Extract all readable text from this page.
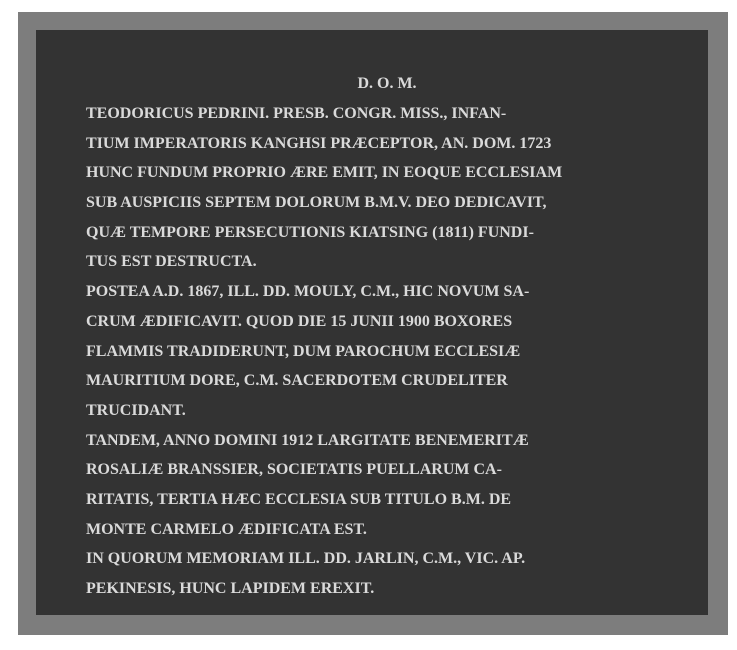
D. O. M.

TEODORICUS PEDRINI. PRESB. CONGR. MISS., INFAN-

TIUM IMPERATORIS KANGHSI PRÆCEPTOR, AN. DOM. 1723

HUNC FUNDUM PROPRIO ÆRE EMIT, IN EOQUE ECCLESIAM

SUB AUSPICIIS SEPTEM DOLORUM B.M.V. DEO DEDICAVIT,

QUÆ TEMPORE PERSECUTIONIS KIATSING (1811) FUNDI-

TUS EST DESTRUCTA.

POSTEA A.D. 1867, ILL. DD. MOULY, C.M., HIC NOVUM SA-

CRUM ÆDIFICAVIT. QUOD DIE 15 JUNII 1900 BOXORES

FLAMMIS TRADIDERUNT, DUM PAROCHUM ECCLESIÆ

MAURITIUM DORE, C.M. SACERDOTEM CRUDELITER

TRUCIDANT.

TANDEM, ANNO DOMINI 1912 LARGITATE BENEMERITÆ

ROSALIÆ BRANSSIER, SOCIETATIS PUELLARUM CA-

RITATIS, TERTIA HÆC ECCLESIA SUB TITULO B.M. DE

MONTE CARMELO ÆDIFICATA EST.

IN QUORUM MEMORIAM ILL. DD. JARLIN, C.M., VIC. AP.

PEKINESIS, HUNC LAPIDEM EREXIT.
